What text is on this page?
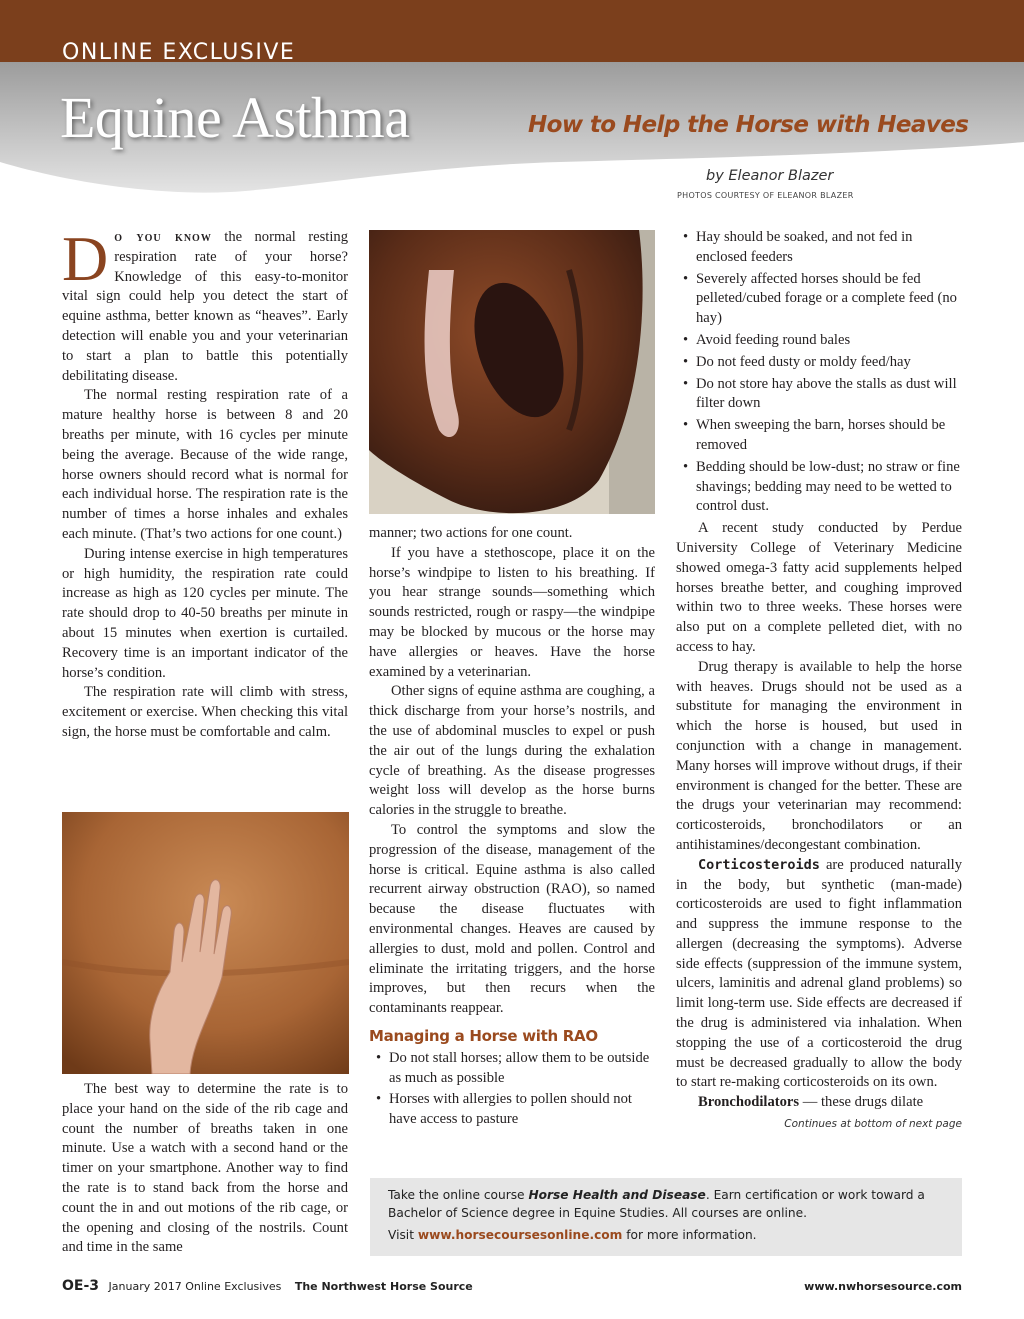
ONLINE EXCLUSIVE
Equine Asthma	How to Help the Horse with Heaves
by Eleanor Blazer
PHOTOS COURTESY OF ELEANOR BLAZER

Do you know the normal resting respiration rate of your horse? Knowledge of this easy-to-monitor vital sign could help you detect the start of equine asthma, better known as “heaves”. Early detection will enable you and your veterinarian to start a plan to battle this potentially debilitating disease.

The normal resting respiration rate of a mature healthy horse is between 8 and 20 breaths per minute, with 16 cycles per minute being the average. Because of the wide range, horse owners should record what is normal for each individual horse. The respiration rate is the number of times a horse inhales and exhales each minute. (That’s two actions for one count.)

During intense exercise in high temperatures or high humidity, the respiration rate could increase as high as 120 cycles per minute. The rate should drop to 40-50 breaths per minute in about 15 minutes when exertion is curtailed. Recovery time is an important indicator of the horse’s condition.

The respiration rate will climb with stress, excitement or exercise. When checking this vital sign, the horse must be comfortable and calm.

The best way to determine the rate is to place your hand on the side of the rib cage and count the number of breaths taken in one minute. Use a watch with a second hand or the timer on your smartphone. Another way to find the rate is to stand back from the horse and count the in and out motions of the rib cage, or the opening and closing of the nostrils. Count and time in the same

manner; two actions for one count.

If you have a stethoscope, place it on the horse’s windpipe to listen to his breathing. If you hear strange sounds—something which sounds restricted, rough or raspy—the windpipe may be blocked by mucous or the horse may have allergies or heaves. Have the horse examined by a veterinarian.

Other signs of equine asthma are coughing, a thick discharge from your horse’s nostrils, and the use of abdominal muscles to expel or push the air out of the lungs during the exhalation cycle of breathing. As the disease progresses weight loss will develop as the horse burns calories in the struggle to breathe.

To control the symptoms and slow the progression of the disease, management of the horse is critical. Equine asthma is also called recurrent airway obstruction (RAO), so named because the disease fluctuates with environmental changes. Heaves are caused by allergies to dust, mold and pollen. Control and eliminate the irritating triggers, and the horse improves, but then recurs when the contaminants reappear.

Managing a Horse with RAO
• Do not stall horses; allow them to be outside as much as possible
• Horses with allergies to pollen should not have access to pasture
• Hay should be soaked, and not fed in enclosed feeders
• Severely affected horses should be fed pelleted/cubed forage or a complete feed (no hay)
• Avoid feeding round bales
• Do not feed dusty or moldy feed/hay
• Do not store hay above the stalls as dust will filter down
• When sweeping the barn, horses should be removed
• Bedding should be low-dust; no straw or fine shavings; bedding may need to be wetted to control dust.

A recent study conducted by Perdue University College of Veterinary Medicine showed omega-3 fatty acid supplements helped horses breathe better, and coughing improved within two to three weeks. These horses were also put on a complete pelleted diet, with no access to hay.

Drug therapy is available to help the horse with heaves. Drugs should not be used as a substitute for managing the environment in which the horse is housed, but used in conjunction with a change in management. Many horses will improve without drugs, if their environment is changed for the better. These are the drugs your veterinarian may recommend: corticosteroids, bronchodilators or an antihistamines/decongestant combination.

Corticosteroids are produced naturally in the body, but synthetic (man-made) corticosteroids are used to fight inflammation and suppress the immune response to the allergen (decreasing the symptoms). Adverse side effects (suppression of the immune system, ulcers, laminitis and adrenal gland problems) so limit long-term use. Side effects are decreased if the drug is administered via inhalation. When stopping the use of a corticosteroid the drug must be decreased gradually to allow the body to start re-making corticosteroids on its own.

Bronchodilators — these drugs dilate

Continues at bottom of next page
Take the online course Horse Health and Disease. Earn certification or work toward a Bachelor of Science degree in Equine Studies. All courses are online.
Visit www.horsecoursesonline.com for more information.
OE-3 January 2017 Online Exclusives The Northwest Horse Source	www.nwhorsesource.com
